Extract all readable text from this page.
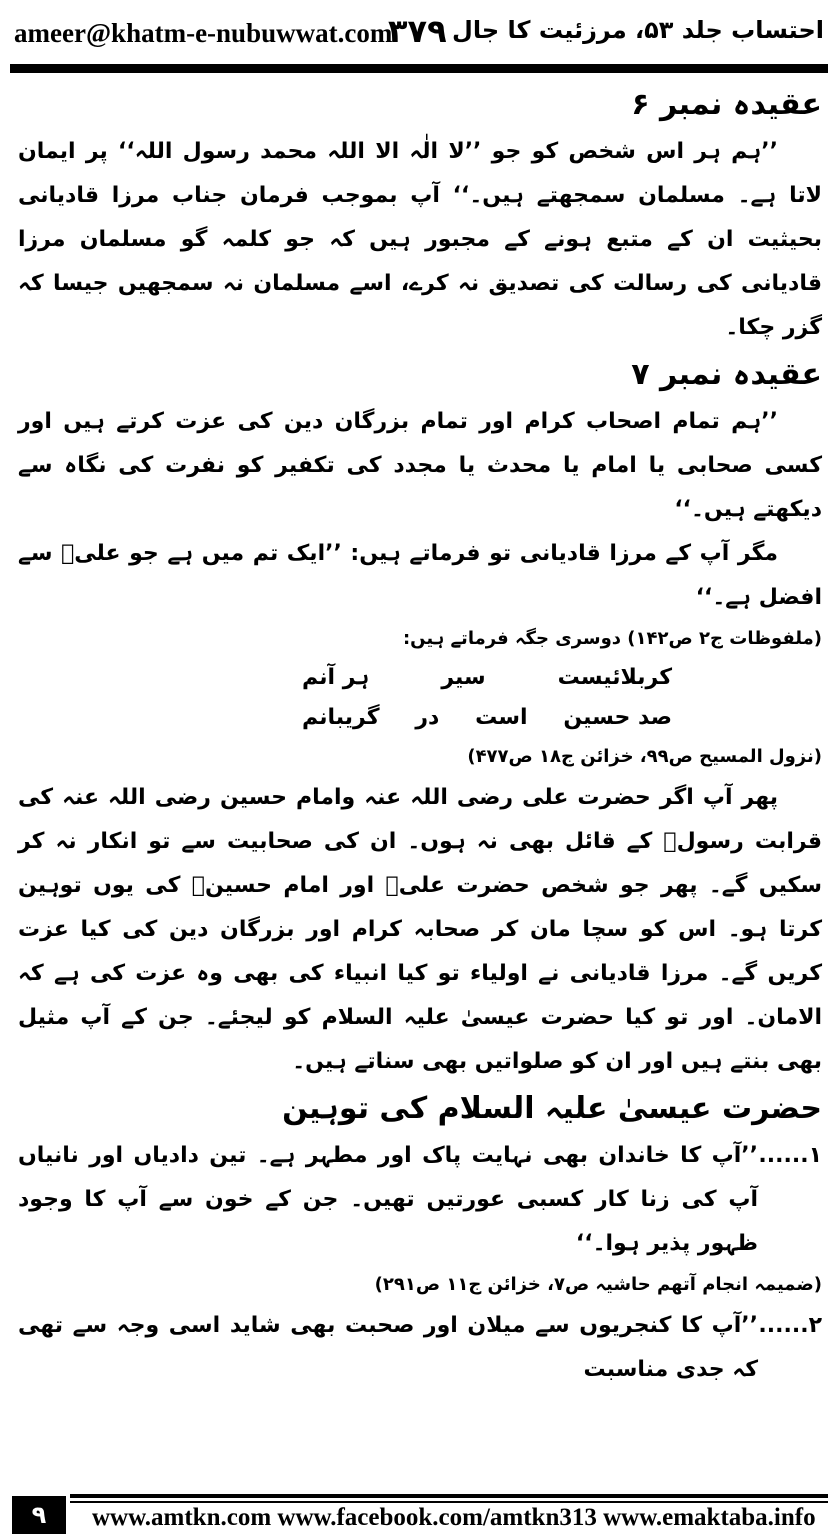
ameer@khatm-e-nubuwwat.com
۳۷۹ احتساب جلد ۵۳، مرزئیت کا جال
عقیدہ نمبر ۶

’’ہم ہر اس شخص کو جو ’’لا الٰہ الا اللہ محمد رسول اللہ‘‘ پر ایمان لاتا ہے۔ مسلمان سمجھتے ہیں۔‘‘ آپ بموجب فرمان جناب مرزا قادیانی بحیثیت ان کے متبع ہونے کے مجبور ہیں کہ جو کلمہ گو مسلمان مرزا قادیانی کی رسالت کی تصدیق نہ کرے، اسے مسلمان نہ سمجھیں جیسا کہ گزر چکا۔

عقیدہ نمبر ۷

’’ہم تمام اصحاب کرام اور تمام بزرگان دین کی عزت کرتے ہیں اور کسی صحابی یا امام یا محدث یا مجدد کی تکفیر کو نفرت کی نگاہ سے دیکھتے ہیں۔‘‘

مگر آپ کے مرزا قادیانی تو فرماتے ہیں: ’’ایک تم میں ہے جو علیؓ سے افضل ہے۔‘‘

(ملفوظات ج۲ ص۱۴۲) دوسری جگہ فرماتے ہیں:

کربلائیست
سیر
ہر آنم
صد حسین
است
در
گریبانم

(نزول المسیح ص۹۹، خزائن ج۱۸ ص۴۷۷)

پھر آپ اگر حضرت علی رضی اللہ عنہ وامام حسین رضی اللہ عنہ کی قرابت رسولؐ کے قائل بھی نہ ہوں۔ ان کی صحابیت سے تو انکار نہ کر سکیں گے۔ پھر جو شخص حضرت علیؓ اور امام حسینؓ کی یوں توہین کرتا ہو۔ اس کو سچا مان کر صحابہ کرام اور بزرگان دین کی کیا عزت کریں گے۔ مرزا قادیانی نے اولیاء تو کیا انبیاء کی بھی وہ عزت کی ہے کہ الامان۔ اور تو کیا حضرت عیسیٰ علیہ السلام کو لیجئے۔ جن کے آپ مثیل بھی بنتے ہیں اور ان کو صلواتیں بھی سناتے ہیں۔

حضرت عیسیٰ علیہ السلام کی توہین
۱......

’’آپ کا خاندان بھی نہایت پاک اور مطہر ہے۔ تین دادیاں اور نانیاں آپ کی زنا کار کسبی عورتیں تھیں۔ جن کے خون سے آپ کا وجود ظہور پذیر ہوا۔‘‘

(ضمیمہ انجام آتھم حاشیہ ص۷، خزائن ج۱۱ ص۲۹۱)

۲......

’’آپ کا کنجریوں سے میلان اور صحبت بھی شاید اسی وجہ سے تھی کہ جدی مناسبت

۹	www.amtkn.com www.facebook.com/amtkn313 www.emaktaba.info
